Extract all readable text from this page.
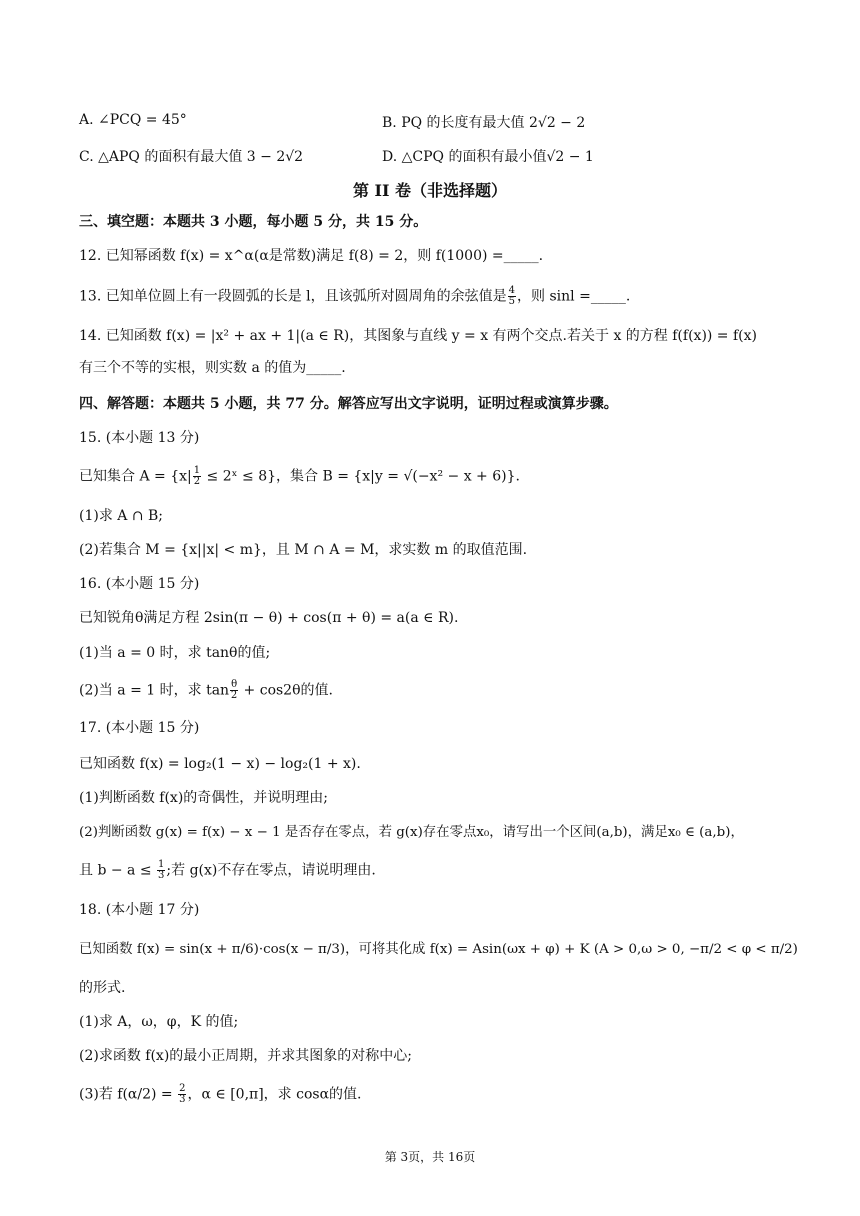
A. ∠PCQ = 45°	B. PQ 的长度有最大值 2√2 − 2
C. △APQ 的面积有最大值 3 − 2√2	D. △CPQ 的面积有最小值√2 − 1
第 II 卷（非选择题）
三、填空题：本题共 3 小题，每小题 5 分，共 15 分。
12. 已知幂函数 f(x) = x^α(α是常数)满足 f(8) = 2，则 f(1000) =_____.
13. 已知单位圆上有一段圆弧的长是 l，且该弧所对圆周角的余弦值是 $\frac{4}{5}$ ，则 sinl =_____.
14. 已知函数 f(x) = |x² + ax + 1|(a ∈ R)，其图象与直线 y = x 有两个交点.若关于 x 的方程 f(f(x)) = f(x)
有三个不等的实根，则实数 a 的值为_____.
四、解答题：本题共 5 小题，共 77 分。解答应写出文字说明，证明过程或演算步骤。
15. (本小题 13 分)
已知集合 $A = \{x| \frac{1}{2}$ ≤ 2ˣ ≤ 8}，集合 B = {x|y = √(−x² − x + 6)}.
(1)求 A ∩ B;
(2)若集合 M = {x||x| < m}，且 M ∩ A = M，求实数 m 的取值范围.
16. (本小题 15 分)
已知锐角θ满足方程 2sin(π − θ) + cos(π + θ) = a(a ∈ R).
(1)当 a = 0 时，求 tanθ的值;
(2)当 a = 1 时，求 $\tan \frac{\theta}{2} + \cos 2\theta$的值.
17. (本小题 15 分)
已知函数 f(x) = log₂(1 − x) − log₂(1 + x).
(1)判断函数 f(x)的奇偶性，并说明理由;
(2)判断函数 g(x) = f(x) − x − 1 是否存在零点，若 g(x)存在零点x₀，请写出一个区间(a,b)，满足x₀ ∈ (a,b)，
且 $b - a \le \frac{1}{3}$ ;若 g(x)不存在零点，请说明理由.
18. (本小题 17 分)
已知函数 f(x) = sin(x + π/6)·cos(x − π/3)，可将其化成 f(x) = Asin(ωx + φ) + K (A > 0,ω > 0, −π/2 < φ < π/2)
的形式.
(1)求 A，ω，φ，K 的值;
(2)求函数 f(x)的最小正周期，并求其图象的对称中心;
(3)若 $f(\alpha/2) = \frac{2}{3}$ ，α ∈ [0,π]，求 cosα的值.
第 3页，共 16页
